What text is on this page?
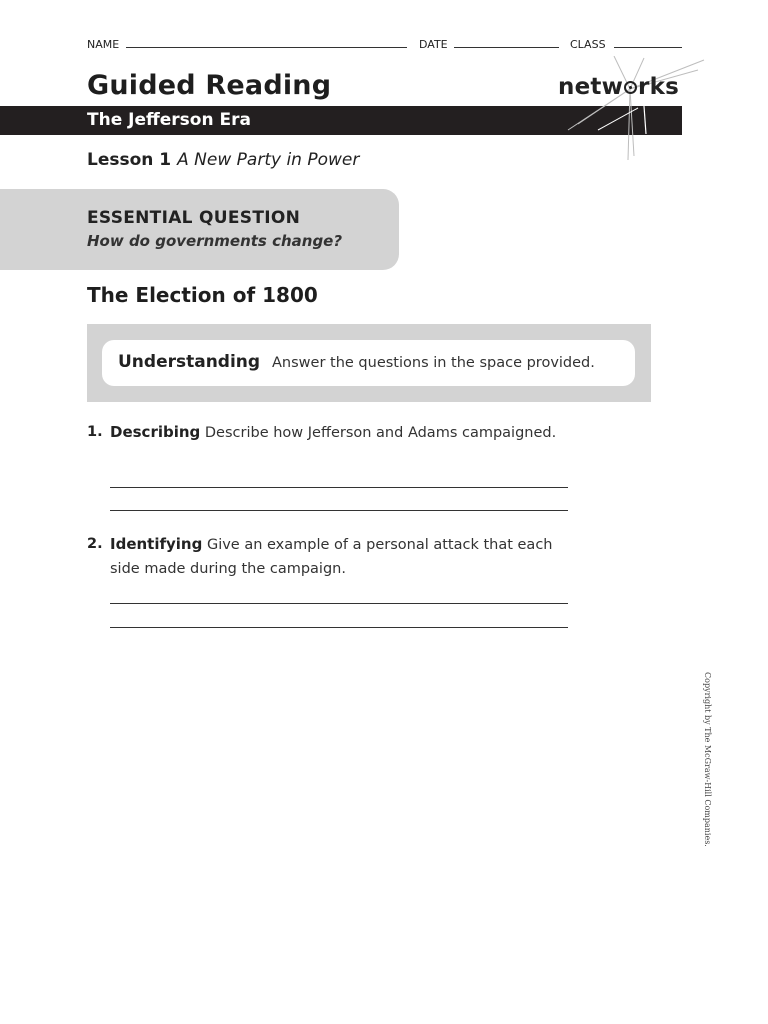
NAME	DATE	CLASS
Guided Reading
The Jefferson Era
netw rks
Lesson 1 A New Party in Power
ESSENTIAL QUESTION
How do governments change?
The Election of 1800
Understanding Answer the questions in the space provided.
1. Describing Describe how Jefferson and Adams campaigned.
2. Identifying Give an example of a personal attack that each side made during the campaign.
Copyright by The McGraw-Hill Companies.
